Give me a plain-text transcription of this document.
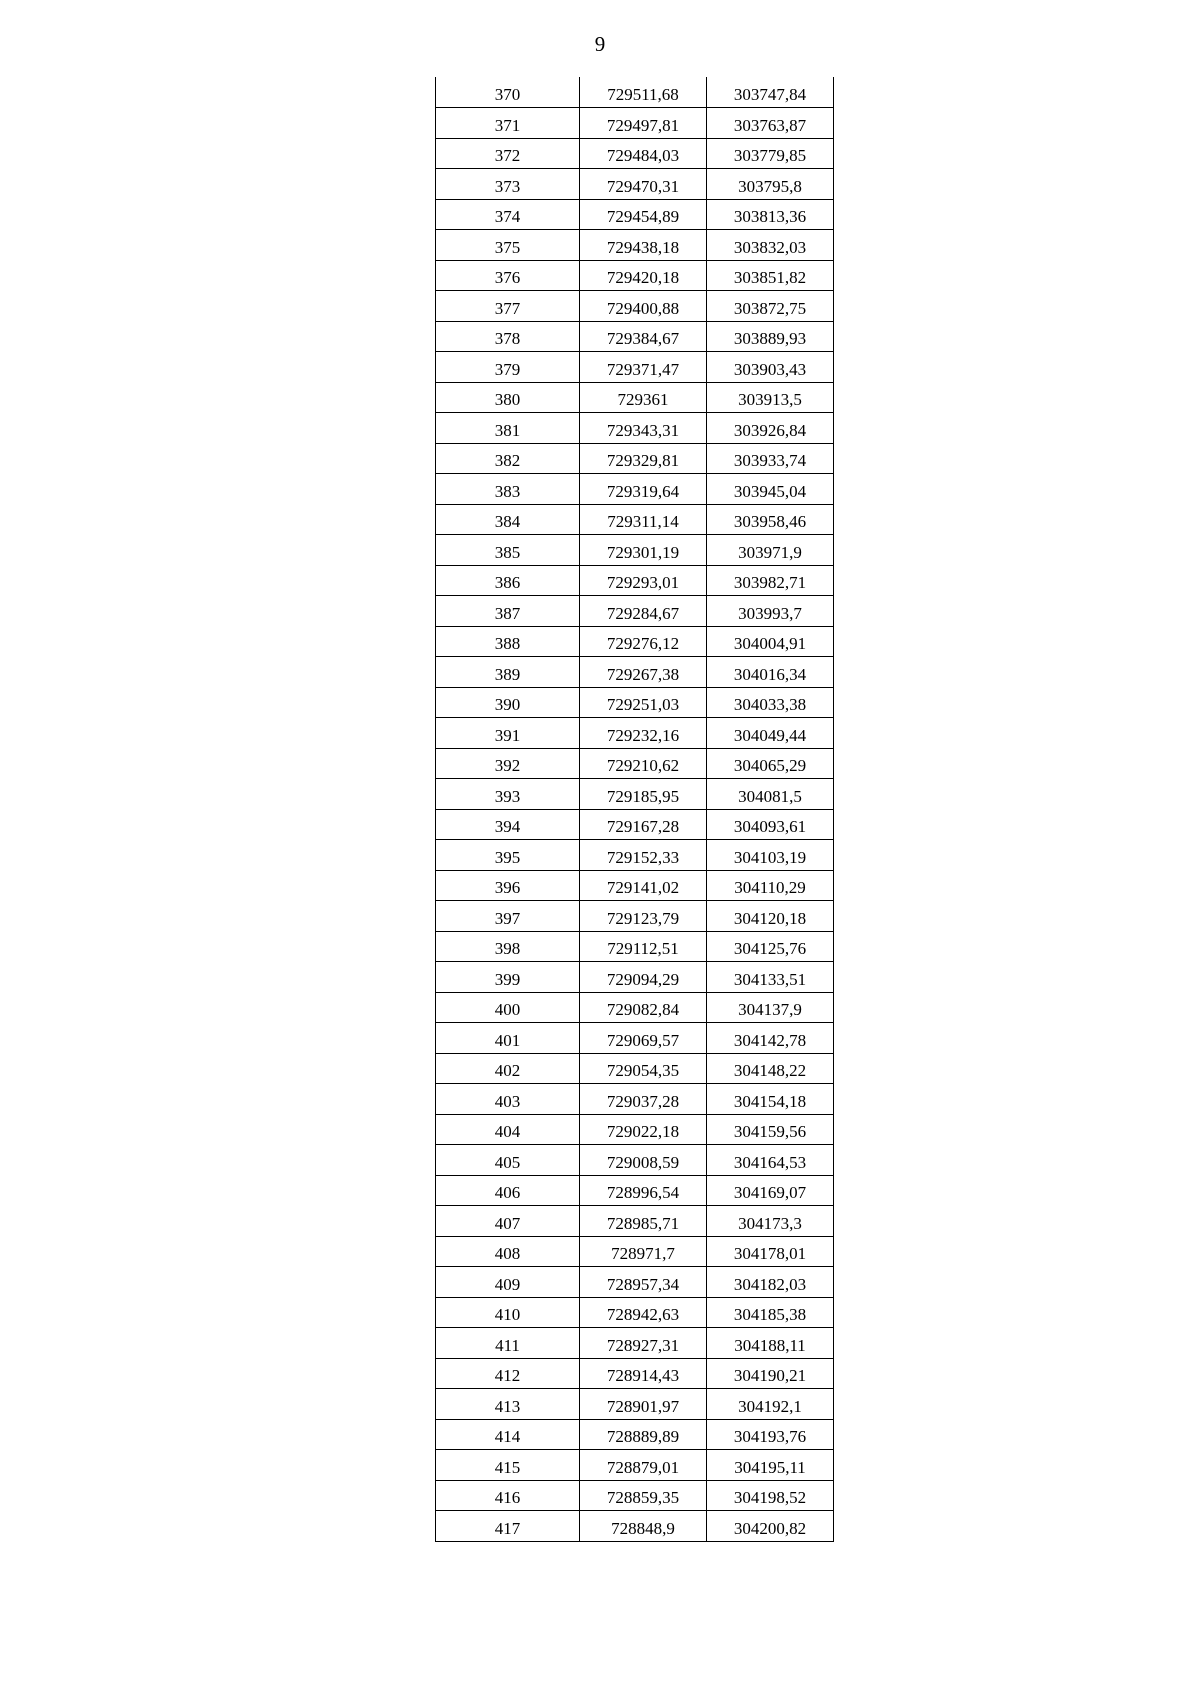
9
370	729511,68	303747,84
371	729497,81	303763,87
372	729484,03	303779,85
373	729470,31	303795,8
374	729454,89	303813,36
375	729438,18	303832,03
376	729420,18	303851,82
377	729400,88	303872,75
378	729384,67	303889,93
379	729371,47	303903,43
380	729361	303913,5
381	729343,31	303926,84
382	729329,81	303933,74
383	729319,64	303945,04
384	729311,14	303958,46
385	729301,19	303971,9
386	729293,01	303982,71
387	729284,67	303993,7
388	729276,12	304004,91
389	729267,38	304016,34
390	729251,03	304033,38
391	729232,16	304049,44
392	729210,62	304065,29
393	729185,95	304081,5
394	729167,28	304093,61
395	729152,33	304103,19
396	729141,02	304110,29
397	729123,79	304120,18
398	729112,51	304125,76
399	729094,29	304133,51
400	729082,84	304137,9
401	729069,57	304142,78
402	729054,35	304148,22
403	729037,28	304154,18
404	729022,18	304159,56
405	729008,59	304164,53
406	728996,54	304169,07
407	728985,71	304173,3
408	728971,7	304178,01
409	728957,34	304182,03
410	728942,63	304185,38
411	728927,31	304188,11
412	728914,43	304190,21
413	728901,97	304192,1
414	728889,89	304193,76
415	728879,01	304195,11
416	728859,35	304198,52
417	728848,9	304200,82
